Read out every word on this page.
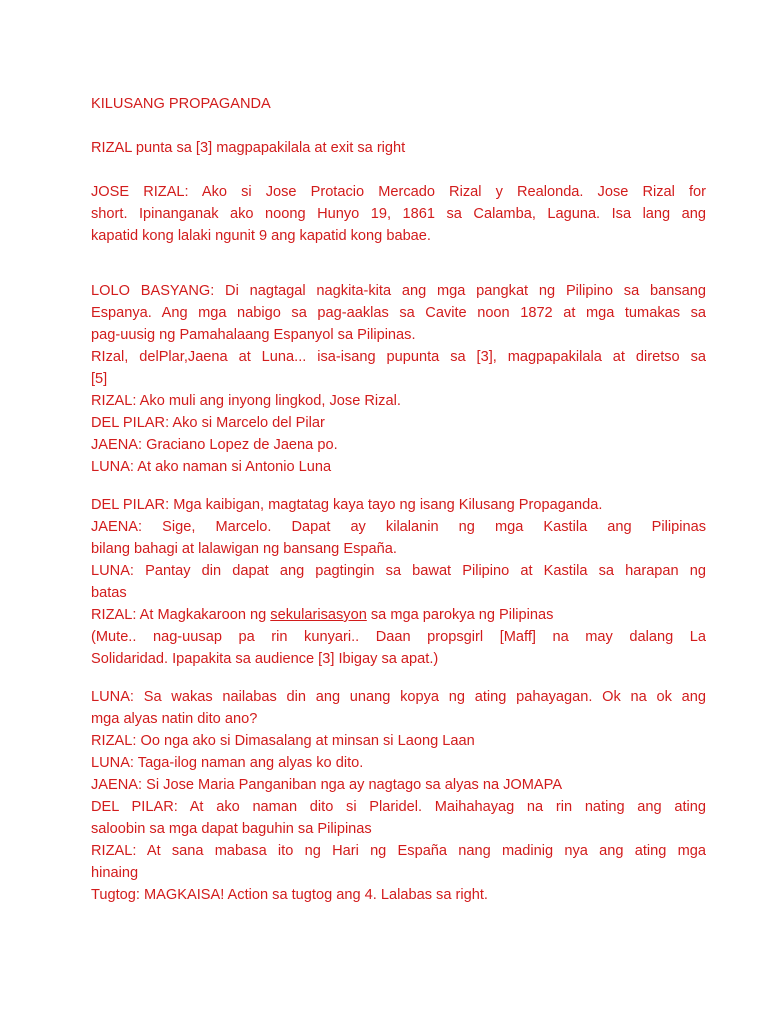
KILUSANG PROPAGANDA
RIZAL punta sa [3] magpapakilala at exit sa right
JOSE RIZAL: Ako si Jose Protacio Mercado Rizal y Realonda. Jose Rizal for
short. Ipinanganak ako noong Hunyo 19, 1861 sa Calamba, Laguna. Isa lang ang
kapatid kong lalaki ngunit 9 ang kapatid kong babae.
LOLO BASYANG: Di nagtagal nagkita-kita ang mga pangkat ng Pilipino sa bansang
Espanya. Ang mga nabigo sa pag-aaklas sa Cavite noon 1872 at mga tumakas sa
pag-uusig ng Pamahalaang Espanyol sa Pilipinas.
RIzal, delPlar,Jaena at Luna... isa-isang pupunta sa [3], magpapakilala at diretso sa
[5]
RIZAL: Ako muli ang inyong lingkod, Jose Rizal.
DEL PILAR: Ako si Marcelo del Pilar
JAENA: Graciano Lopez de Jaena po.
LUNA: At ako naman si Antonio Luna
DEL PILAR: Mga kaibigan, magtatag kaya tayo ng isang Kilusang Propaganda.
JAENA: Sige, Marcelo. Dapat ay kilalanin ng mga Kastila ang Pilipinas
bilang bahagi at lalawigan ng bansang España.
LUNA: Pantay din dapat ang pagtingin sa bawat Pilipino at Kastila sa harapan ng
batas
RIZAL: At Magkakaroon ng sekularisasyon sa mga parokya ng Pilipinas
(Mute.. nag-uusap pa rin kunyari.. Daan propsgirl [Maff] na may dalang La
Solidaridad. Ipapakita sa audience [3] Ibigay sa apat.)
LUNA: Sa wakas nailabas din ang unang kopya ng ating pahayagan. Ok na ok ang
mga alyas natin dito ano?
RIZAL: Oo nga ako si Dimasalang at minsan si Laong Laan
LUNA: Taga-ilog naman ang alyas ko dito.
JAENA: Si Jose Maria Panganiban nga ay nagtago sa alyas na JOMAPA
DEL PILAR: At ako naman dito si Plaridel. Maihahayag na rin nating ang ating
saloobin sa mga dapat baguhin sa Pilipinas
RIZAL: At sana mabasa ito ng Hari ng España nang madinig nya ang ating mga
hinaing
Tugtog: MAGKAISA! Action sa tugtog ang 4. Lalabas sa right.
